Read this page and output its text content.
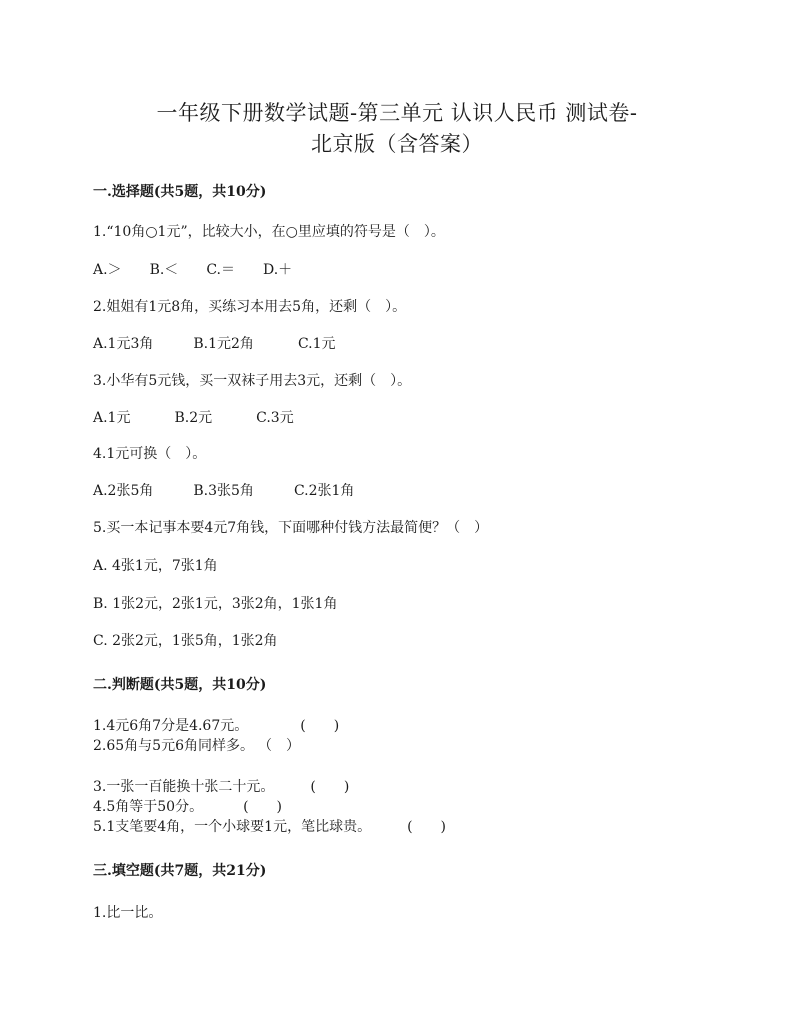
一年级下册数学试题-第三单元 认识人民币 测试卷-
北京版（含答案）
一.选择题(共5题，共10分)
1.“10角○1元”，比较大小，在○里应填的符号是（　）。
A.＞ B.＜ C.＝ D.＋
2.姐姐有1元8角，买练习本用去5角，还剩（　）。
A.1元3角	B.1元2角	C.1元
3.小华有5元钱，买一双袜子用去3元，还剩（　）。
A.1元	B.2元	C.3元
4.1元可换（　）。
A.2张5角	B.3张5角	C.2张1角
5.买一本记事本要4元7角钱，下面哪种付钱方法最简便？（　）
A. 4张1元，7张1角
B. 1张2元，2张1元，3张2角，1张1角
C. 2张2元，1张5角，1张2角
二.判断题(共5题，共10分)
1.4元6角7分是4.67元。	(　　)
2.65角与5元6角同样多。 （　）
3.一张一百能换十张二十元。	(　　)
4.5角等于50分。	(　　)
5.1支笔要4角，一个小球要1元，笔比球贵。	(　　)
三.填空题(共7题，共21分)
1.比一比。
